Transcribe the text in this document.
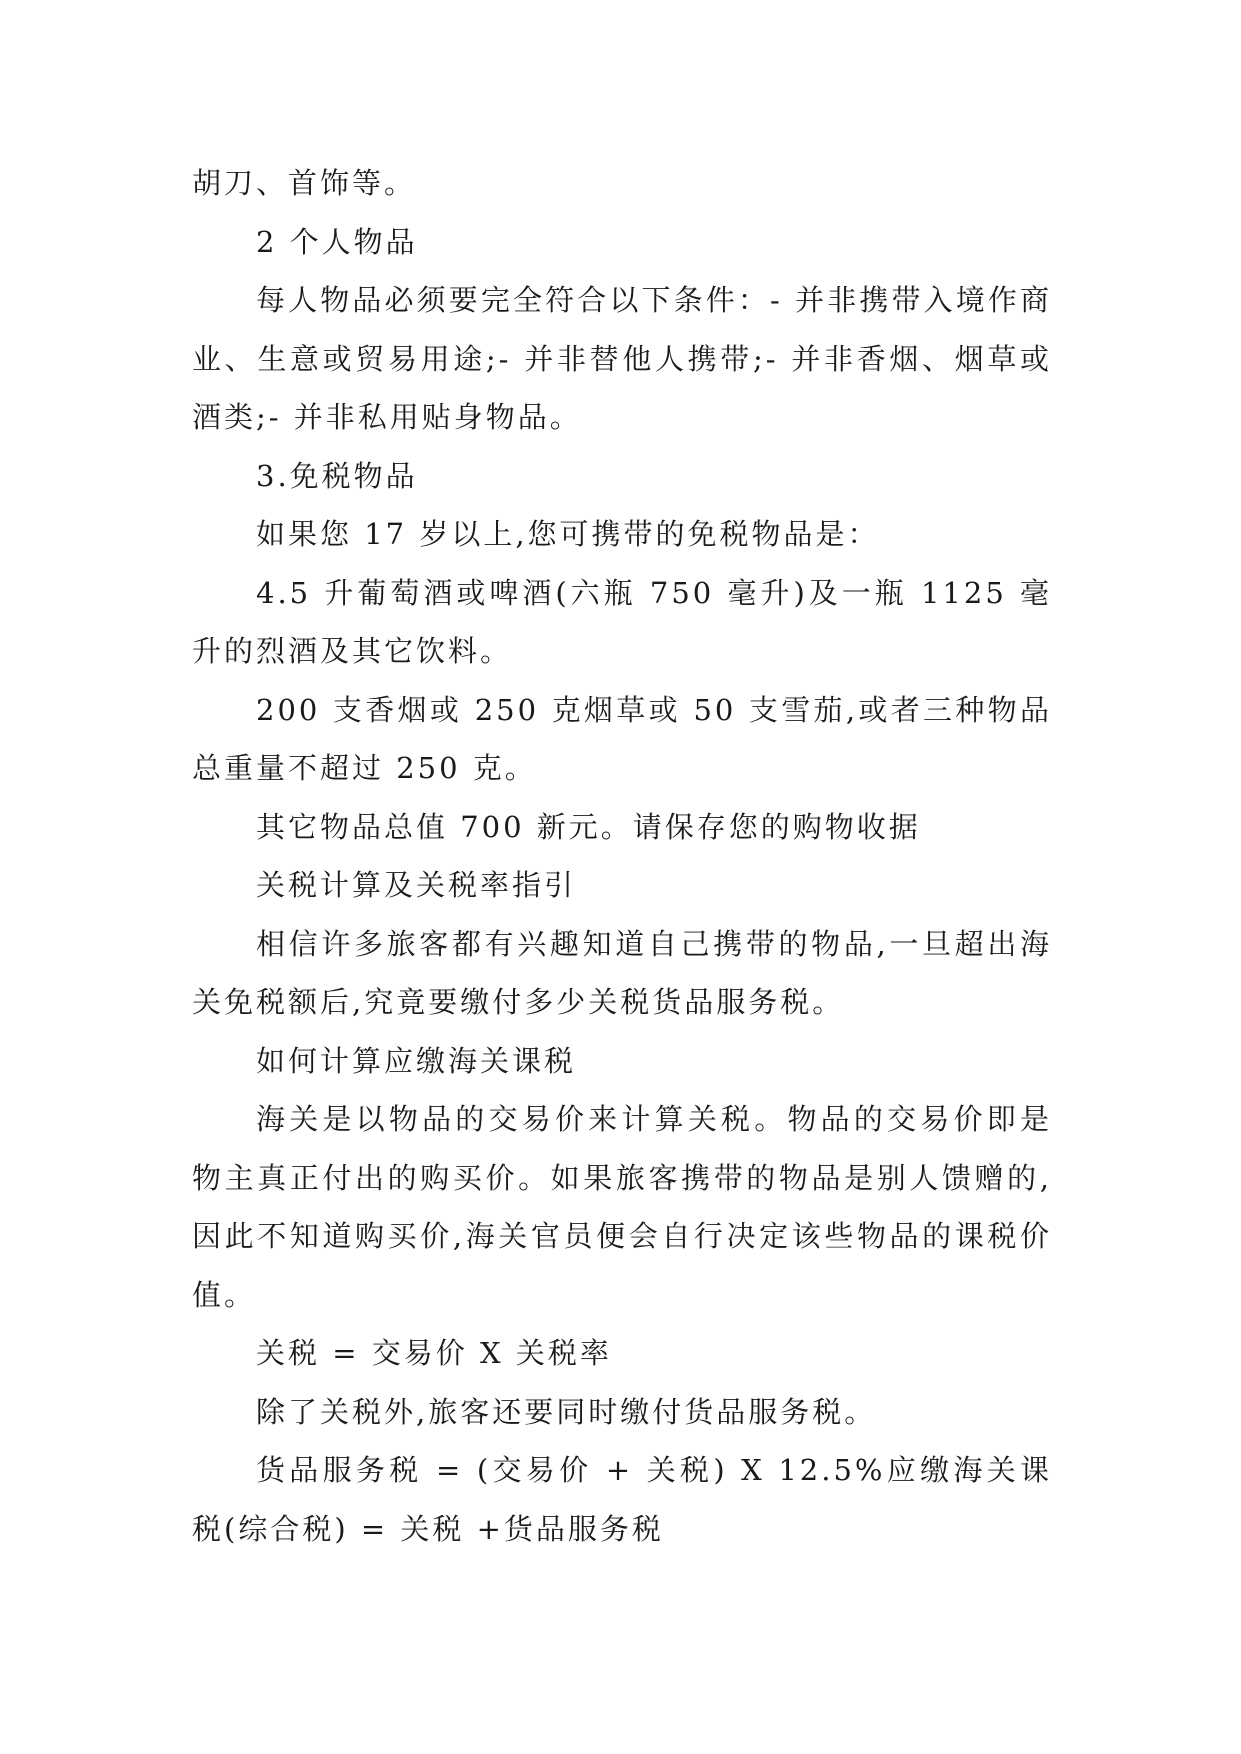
胡刀、首饰等。

2 个人物品

每人物品必须要完全符合以下条件：- 并非携带入境作商业、生意或贸易用途;- 并非替他人携带;- 并非香烟、烟草或酒类;- 并非私用贴身物品。

3.免税物品

如果您 17 岁以上,您可携带的免税物品是：

4.5 升葡萄酒或啤酒(六瓶 750 毫升)及一瓶 1125 毫升的烈酒及其它饮料。

200 支香烟或 250 克烟草或 50 支雪茄,或者三种物品总重量不超过 250 克。

其它物品总值 700 新元。请保存您的购物收据

关税计算及关税率指引

相信许多旅客都有兴趣知道自己携带的物品,一旦超出海关免税额后,究竟要缴付多少关税货品服务税。

如何计算应缴海关课税

海关是以物品的交易价来计算关税。物品的交易价即是物主真正付出的购买价。如果旅客携带的物品是别人馈赠的,因此不知道购买价,海关官员便会自行决定该些物品的课税价值。

关税 = 交易价 X 关税率

除了关税外,旅客还要同时缴付货品服务税。

货品服务税 = (交易价 + 关税) X 12.5%应缴海关课税(综合税) = 关税 +货品服务税
